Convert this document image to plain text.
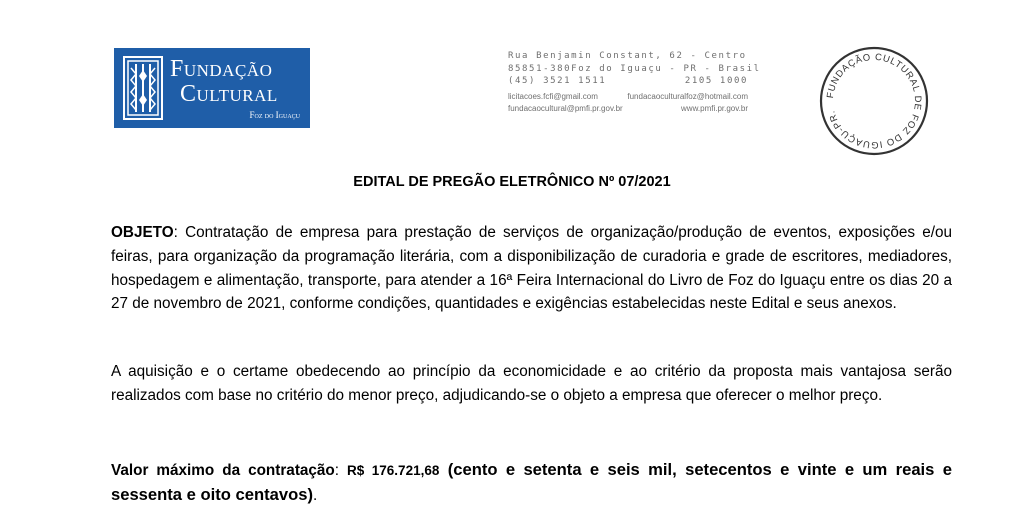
Fundação
Cultural
Foz do Iguaçu
Rua Benjamin Constant, 62 - Centro
85851-380 Foz do Iguaçu - PR - Brasil
(45) 3521 1511	2105 1000
licitacoes.fcfi@gmail.com	fundacaoculturalfoz@hotmail.com
fundacaocultural@pmfi.pr.gov.br	www.pmfi.pr.gov.br
FUNDAÇÃO CULTURAL DE FOZ DO IGUAÇU-PR.
EDITAL DE PREGÃO ELETRÔNICO Nº 07/2021
OBJETO: Contratação de empresa para prestação de serviços de organização/produção de eventos, exposições e/ou feiras, para organização da programação literária, com a disponibilização de curadoria e grade de escritores, mediadores, hospedagem e alimentação, transporte, para atender a 16ª Feira Internacional do Livro de Foz do Iguaçu entre os dias 20 a 27 de novembro de 2021, conforme condições, quantidades e exigências estabelecidas neste Edital e seus anexos.
A aquisição e o certame obedecendo ao princípio da economicidade e ao critério da proposta mais vantajosa serão realizados com base no critério do menor preço, adjudicando-se o objeto a empresa que oferecer o melhor preço.
Valor máximo da contratação: R$ 176.721,68 (cento e setenta e seis mil, setecentos e vinte e um reais e sessenta e oito centavos).
